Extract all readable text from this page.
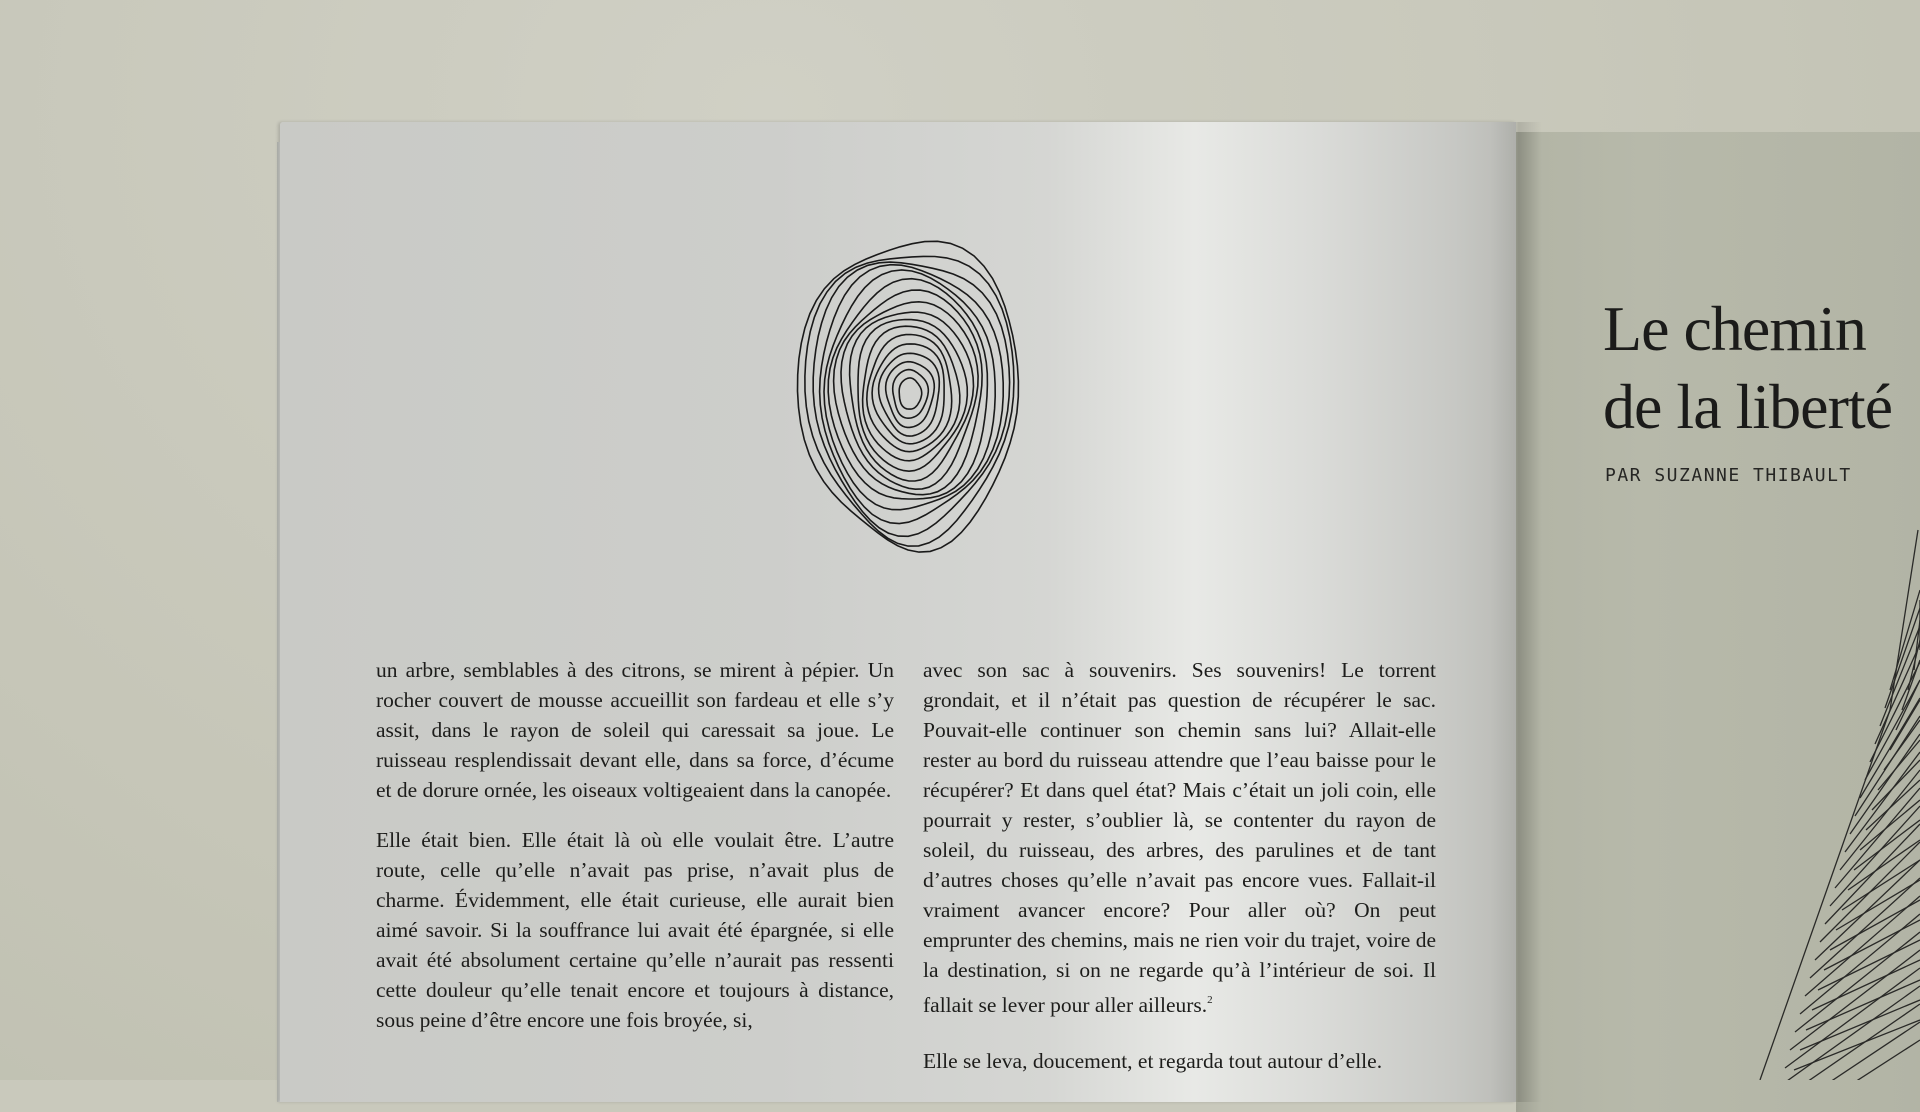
un arbre, semblables à des citrons, se mirent à pépier. Un rocher couvert de mousse accueillit son fardeau et elle s’y assit, dans le rayon de soleil qui caressait sa joue. Le ruisseau resplendissait devant elle, dans sa force, d’écume et de dorure ornée, les oiseaux voltigeaient dans la canopée.

Elle était bien. Elle était là où elle voulait être. L’autre route, celle qu’elle n’avait pas prise, n’avait plus de charme. Évidemment, elle était curieuse, elle aurait bien aimé savoir. Si la souffrance lui avait été épargnée, si elle avait été absolument certaine qu’elle n’aurait pas ressenti cette douleur qu’elle tenait encore et toujours à distance, sous peine d’être encore une fois broyée, si,

avec son sac à souvenirs. Ses souvenirs! Le torrent grondait, et il n’était pas question de récupérer le sac. Pouvait-elle continuer son chemin sans lui? Allait-elle rester au bord du ruisseau attendre que l’eau baisse pour le récupérer? Et dans quel état? Mais c’était un joli coin, elle pourrait y rester, s’oublier là, se contenter du rayon de soleil, du ruisseau, des arbres, des parulines et de tant d’autres choses qu’elle n’avait pas encore vues. Fallait-il vraiment avancer encore? Pour aller où? On peut emprunter des chemins, mais ne rien voir du trajet, voire de la destination, si on ne regarde qu’à l’intérieur de soi. Il fallait se lever pour aller ailleurs.$^2$

Elle se leva, doucement, et regarda tout autour d’elle.

Le chemin
de la liberté
PAR SUZANNE THIBAULT
